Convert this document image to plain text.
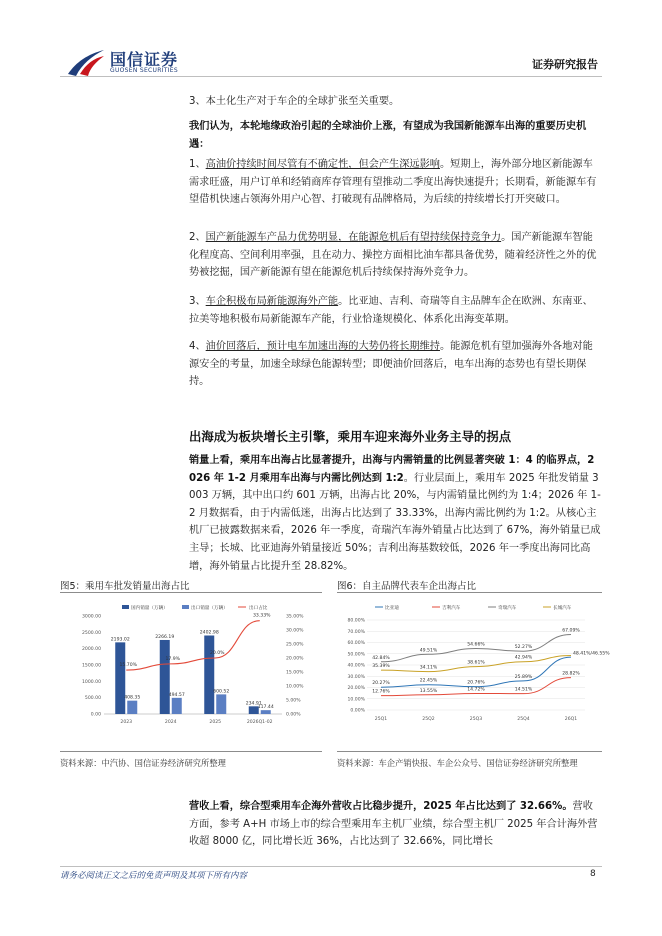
国信证券
GUOSEN SECURITIES	证券研究报告
3、本土化生产对于车企的全球扩张至关重要。
我们认为，本轮地缘政治引起的全球油价上涨，有望成为我国新能源车出海的重要历史机遇：
1、高油价持续时间尽管有不确定性，但会产生深远影响。短期上，海外部分地区新能源车需求旺盛，用户订单和经销商库存管理有望推动二季度出海快速提升；长期看，新能源车有望借机快速占领海外用户心智、打破现有品牌格局，为后续的持续增长打开突破口。
2、国产新能源车产品力优势明显，在能源危机后有望持续保持竞争力。国产新能源车智能化程度高、空间利用率强，且在动力、操控方面相比油车都具备优势，随着经济性之外的优势被挖掘，国产新能源有望在能源危机后持续保持海外竞争力。
3、车企积极布局新能源海外产能。比亚迪、吉利、奇瑞等自主品牌车企在欧洲、东南亚、拉美等地积极布局新能源车产能，行业恰逢规模化、体系化出海变革期。
4、油价回落后，预计电车加速出海的大势仍将长期维持。能源危机有望加强海外各地对能源安全的考量，加速全球绿色能源转型；即便油价回落后，电车出海的态势也有望长期保持。
出海成为板块增长主引擎，乘用车迎来海外业务主导的拐点
销量上看，乘用车出海占比显著提升，出海与内需销量的比例显著突破 1：4 的临界点，2026 年 1-2 月乘用车出海与内需比例达到 1:2。行业层面上，乘用车 2025 年批发销量 3003 万辆，其中出口约 601 万辆，出海占比 20%，与内需销量比例约为 1:4；2026 年 1-2 月数据看，由于内需低迷，出海占比达到了 33.33%，出海内需比例约为 1:2。从核心主机厂已披露数据来看，2026 年一季度，奇瑞汽车海外销量占比达到了 67%，海外销量已成主导；长城、比亚迪海外销量接近 50%；吉利出海基数较低，2026 年一季度出海同比高增，海外销量占比提升至 28.82%。
图5：乘用车批发销量出海占比
国内销量（万辆）	出口销量（万辆）	出口占比
3000.00
2500.00
2000.00
1500.00
1000.00
500.00
0.00
35.00%
30.00%
25.00%
20.00%
15.00%
10.00%
5.00%
0.00%
2193.02
408.35
2023
2266.19
494.57
2024
2402.98
600.52
2025
234.91
117.44
2026Q1-02
15.70%
17.9%
20.0%
33.33%
资料来源：中汽协、国信证券经济研究所整理
图6：自主品牌代表车企出海占比
比亚迪	吉利汽车	奇瑞汽车	长城汽车
80.00%
70.00%
60.00%
50.00%
40.00%
30.00%
20.00%
10.00%
0.00%
25Q1	25Q2	25Q3	25Q4	26Q1
20.27%	22.45%	20.76%
25.89%
12.76%	13.55%	14.72%	14.51%
28.82%
42.84%
49.51%
54.66%
52.27%
67.09%
35.39%	34.11%
38.61%
42.94%
48.41%/46.55%
资料来源：车企产销快报、车企公众号、国信证券经济研究所整理
营收上看，综合型乘用车企海外营收占比稳步提升，2025 年占比达到了 32.66%。营收方面，参考 A+H 市场上市的综合型乘用车主机厂业绩，综合型主机厂 2025 年合计海外营收超 8000 亿，同比增长近 36%，占比达到了 32.66%，同比增长
请务必阅读正文之后的免责声明及其项下所有内容	8
